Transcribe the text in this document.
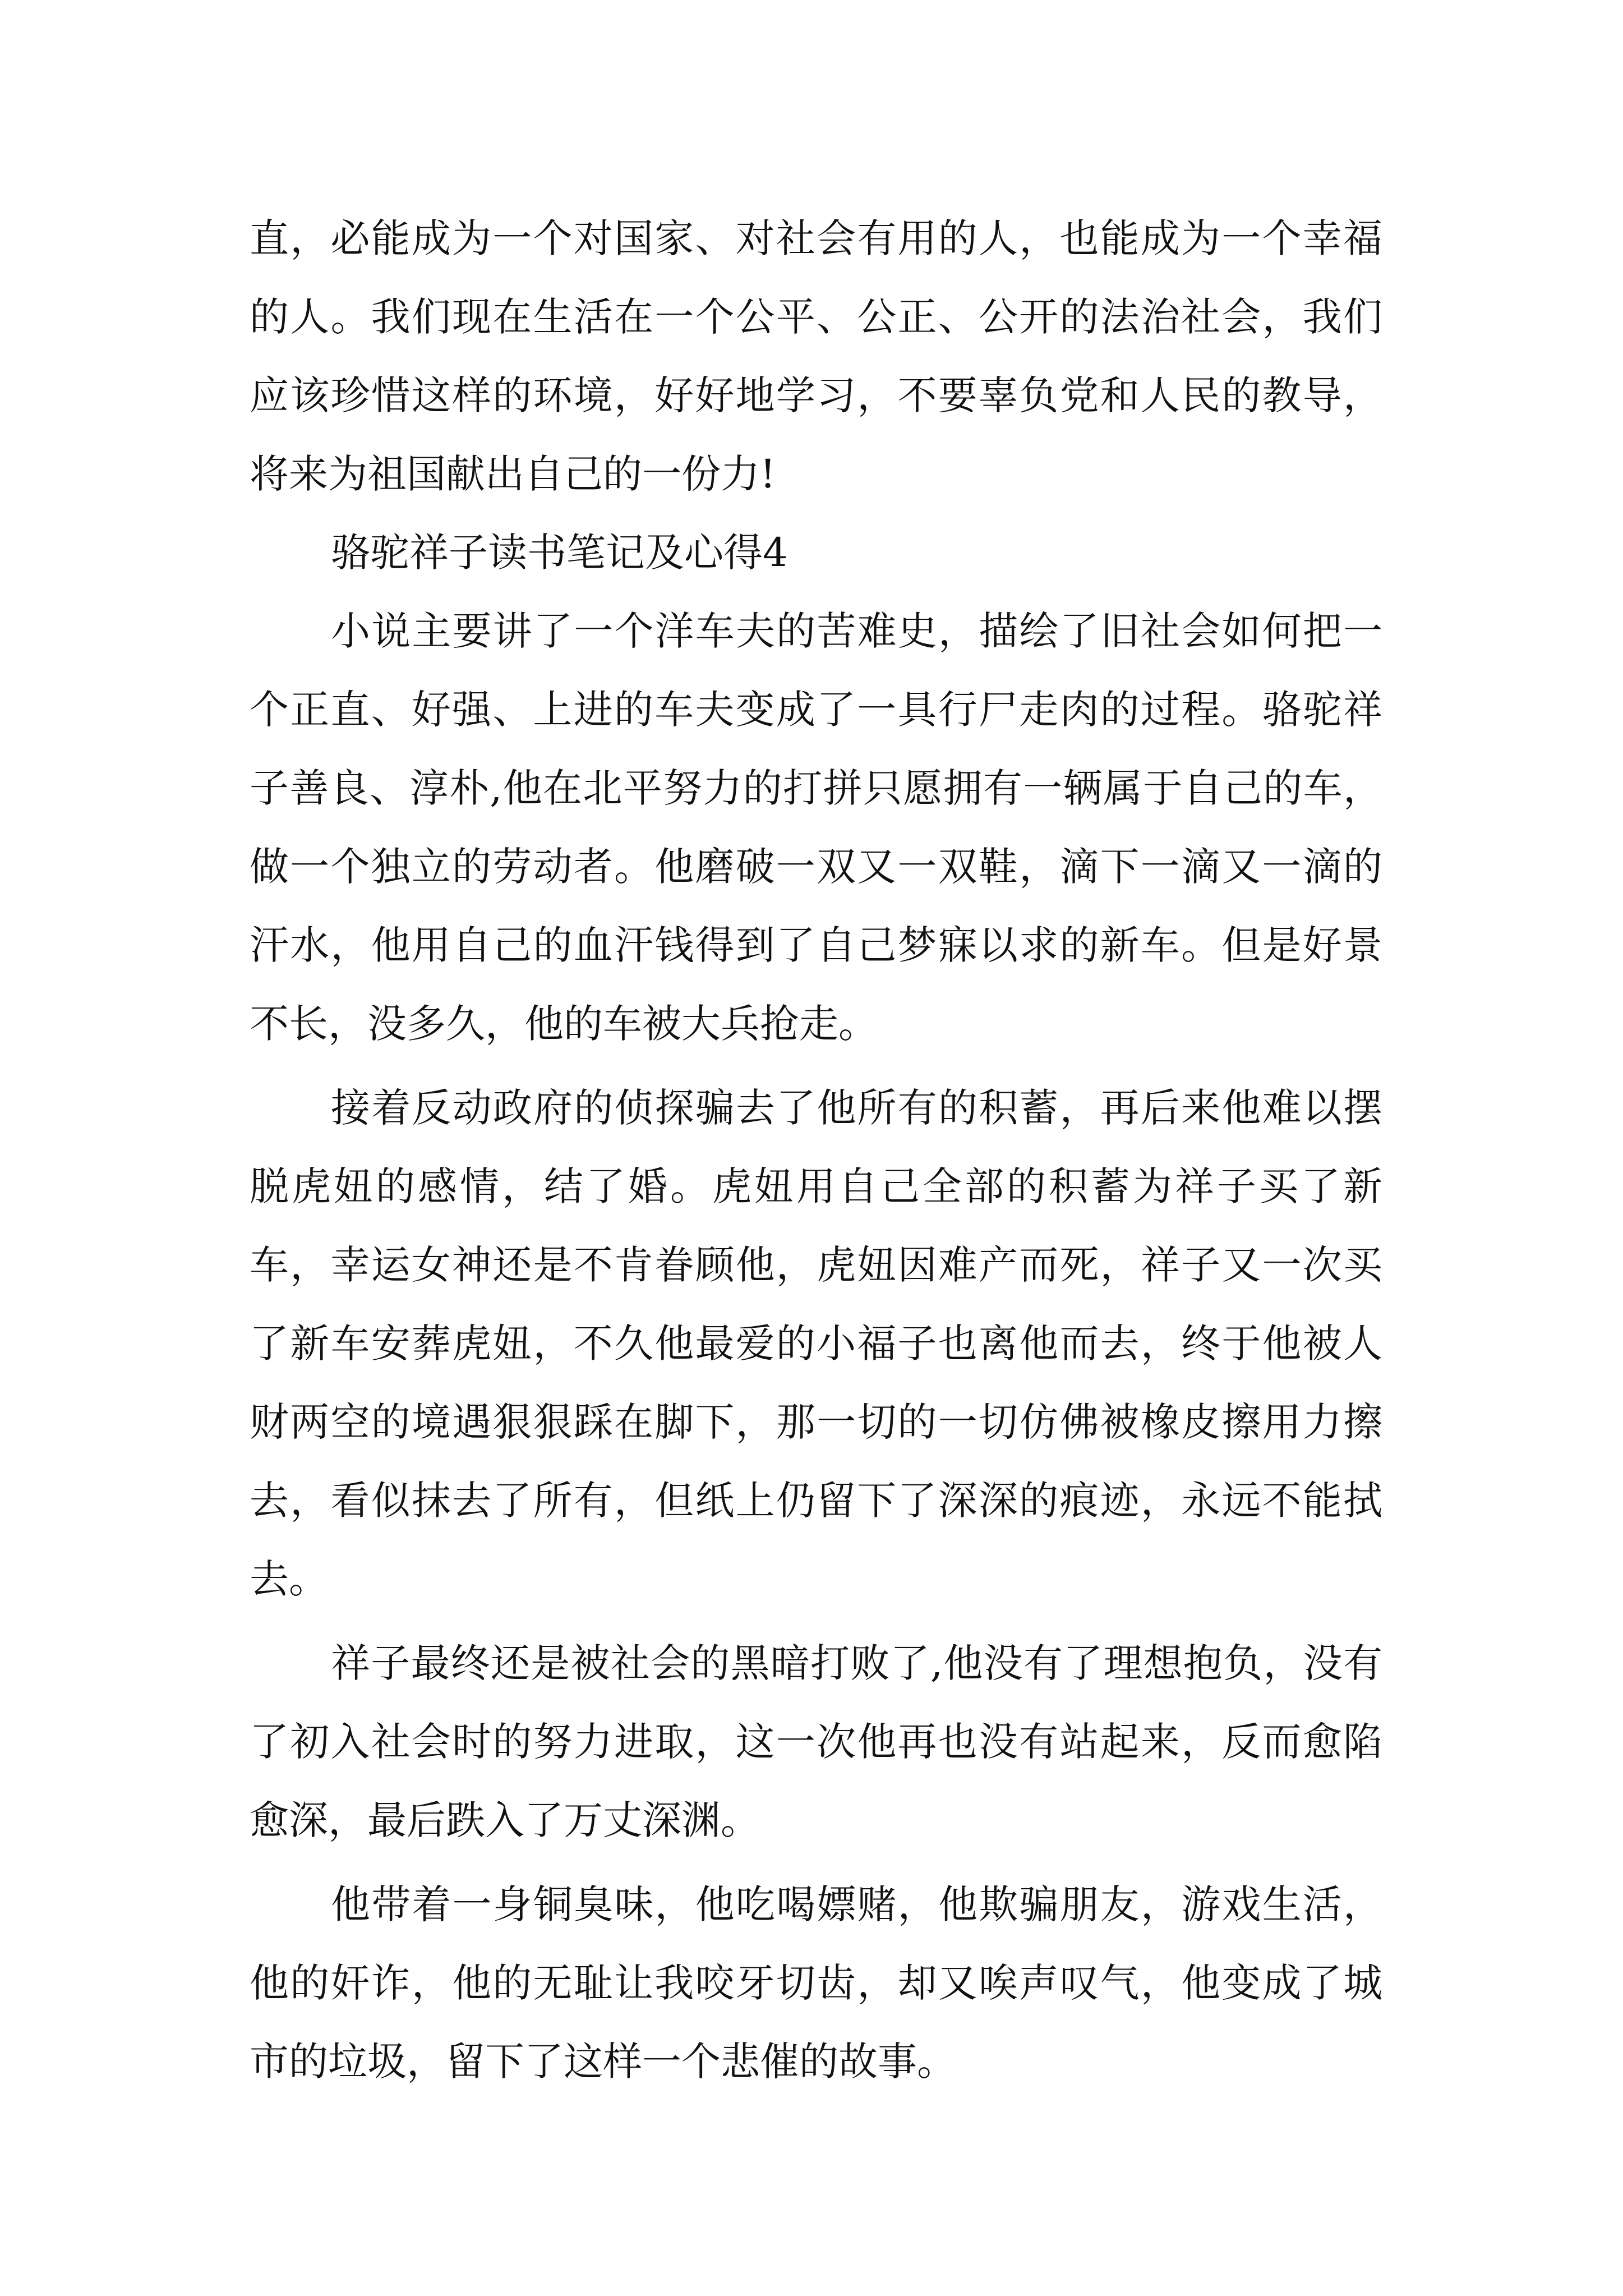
直，必能成为一个对国家、对社会有用的人，也能成为一个幸福的人。我们现在生活在一个公平、公正、公开的法治社会，我们应该珍惜这样的环境，好好地学习，不要辜负党和人民的教导，将来为祖国献出自己的一份力!

骆驼祥子读书笔记及心得4

小说主要讲了一个洋车夫的苦难史，描绘了旧社会如何把一个正直、好强、上进的车夫变成了一具行尸走肉的过程。骆驼祥子善良、淳朴,他在北平努力的打拼只愿拥有一辆属于自己的车，做一个独立的劳动者。他磨破一双又一双鞋，滴下一滴又一滴的汗水，他用自己的血汗钱得到了自己梦寐以求的新车。但是好景不长，没多久，他的车被大兵抢走。

接着反动政府的侦探骗去了他所有的积蓄，再后来他难以摆脱虎妞的感情，结了婚。虎妞用自己全部的积蓄为祥子买了新车，幸运女神还是不肯眷顾他，虎妞因难产而死，祥子又一次买了新车安葬虎妞，不久他最爱的小福子也离他而去，终于他被人财两空的境遇狠狠踩在脚下，那一切的一切仿佛被橡皮擦用力擦去，看似抹去了所有，但纸上仍留下了深深的痕迹，永远不能拭去。

祥子最终还是被社会的黑暗打败了,他没有了理想抱负，没有了初入社会时的努力进取，这一次他再也没有站起来，反而愈陷愈深，最后跌入了万丈深渊。

他带着一身铜臭味，他吃喝嫖赌，他欺骗朋友，游戏生活，他的奸诈，他的无耻让我咬牙切齿，却又唉声叹气，他变成了城市的垃圾，留下了这样一个悲催的故事。
